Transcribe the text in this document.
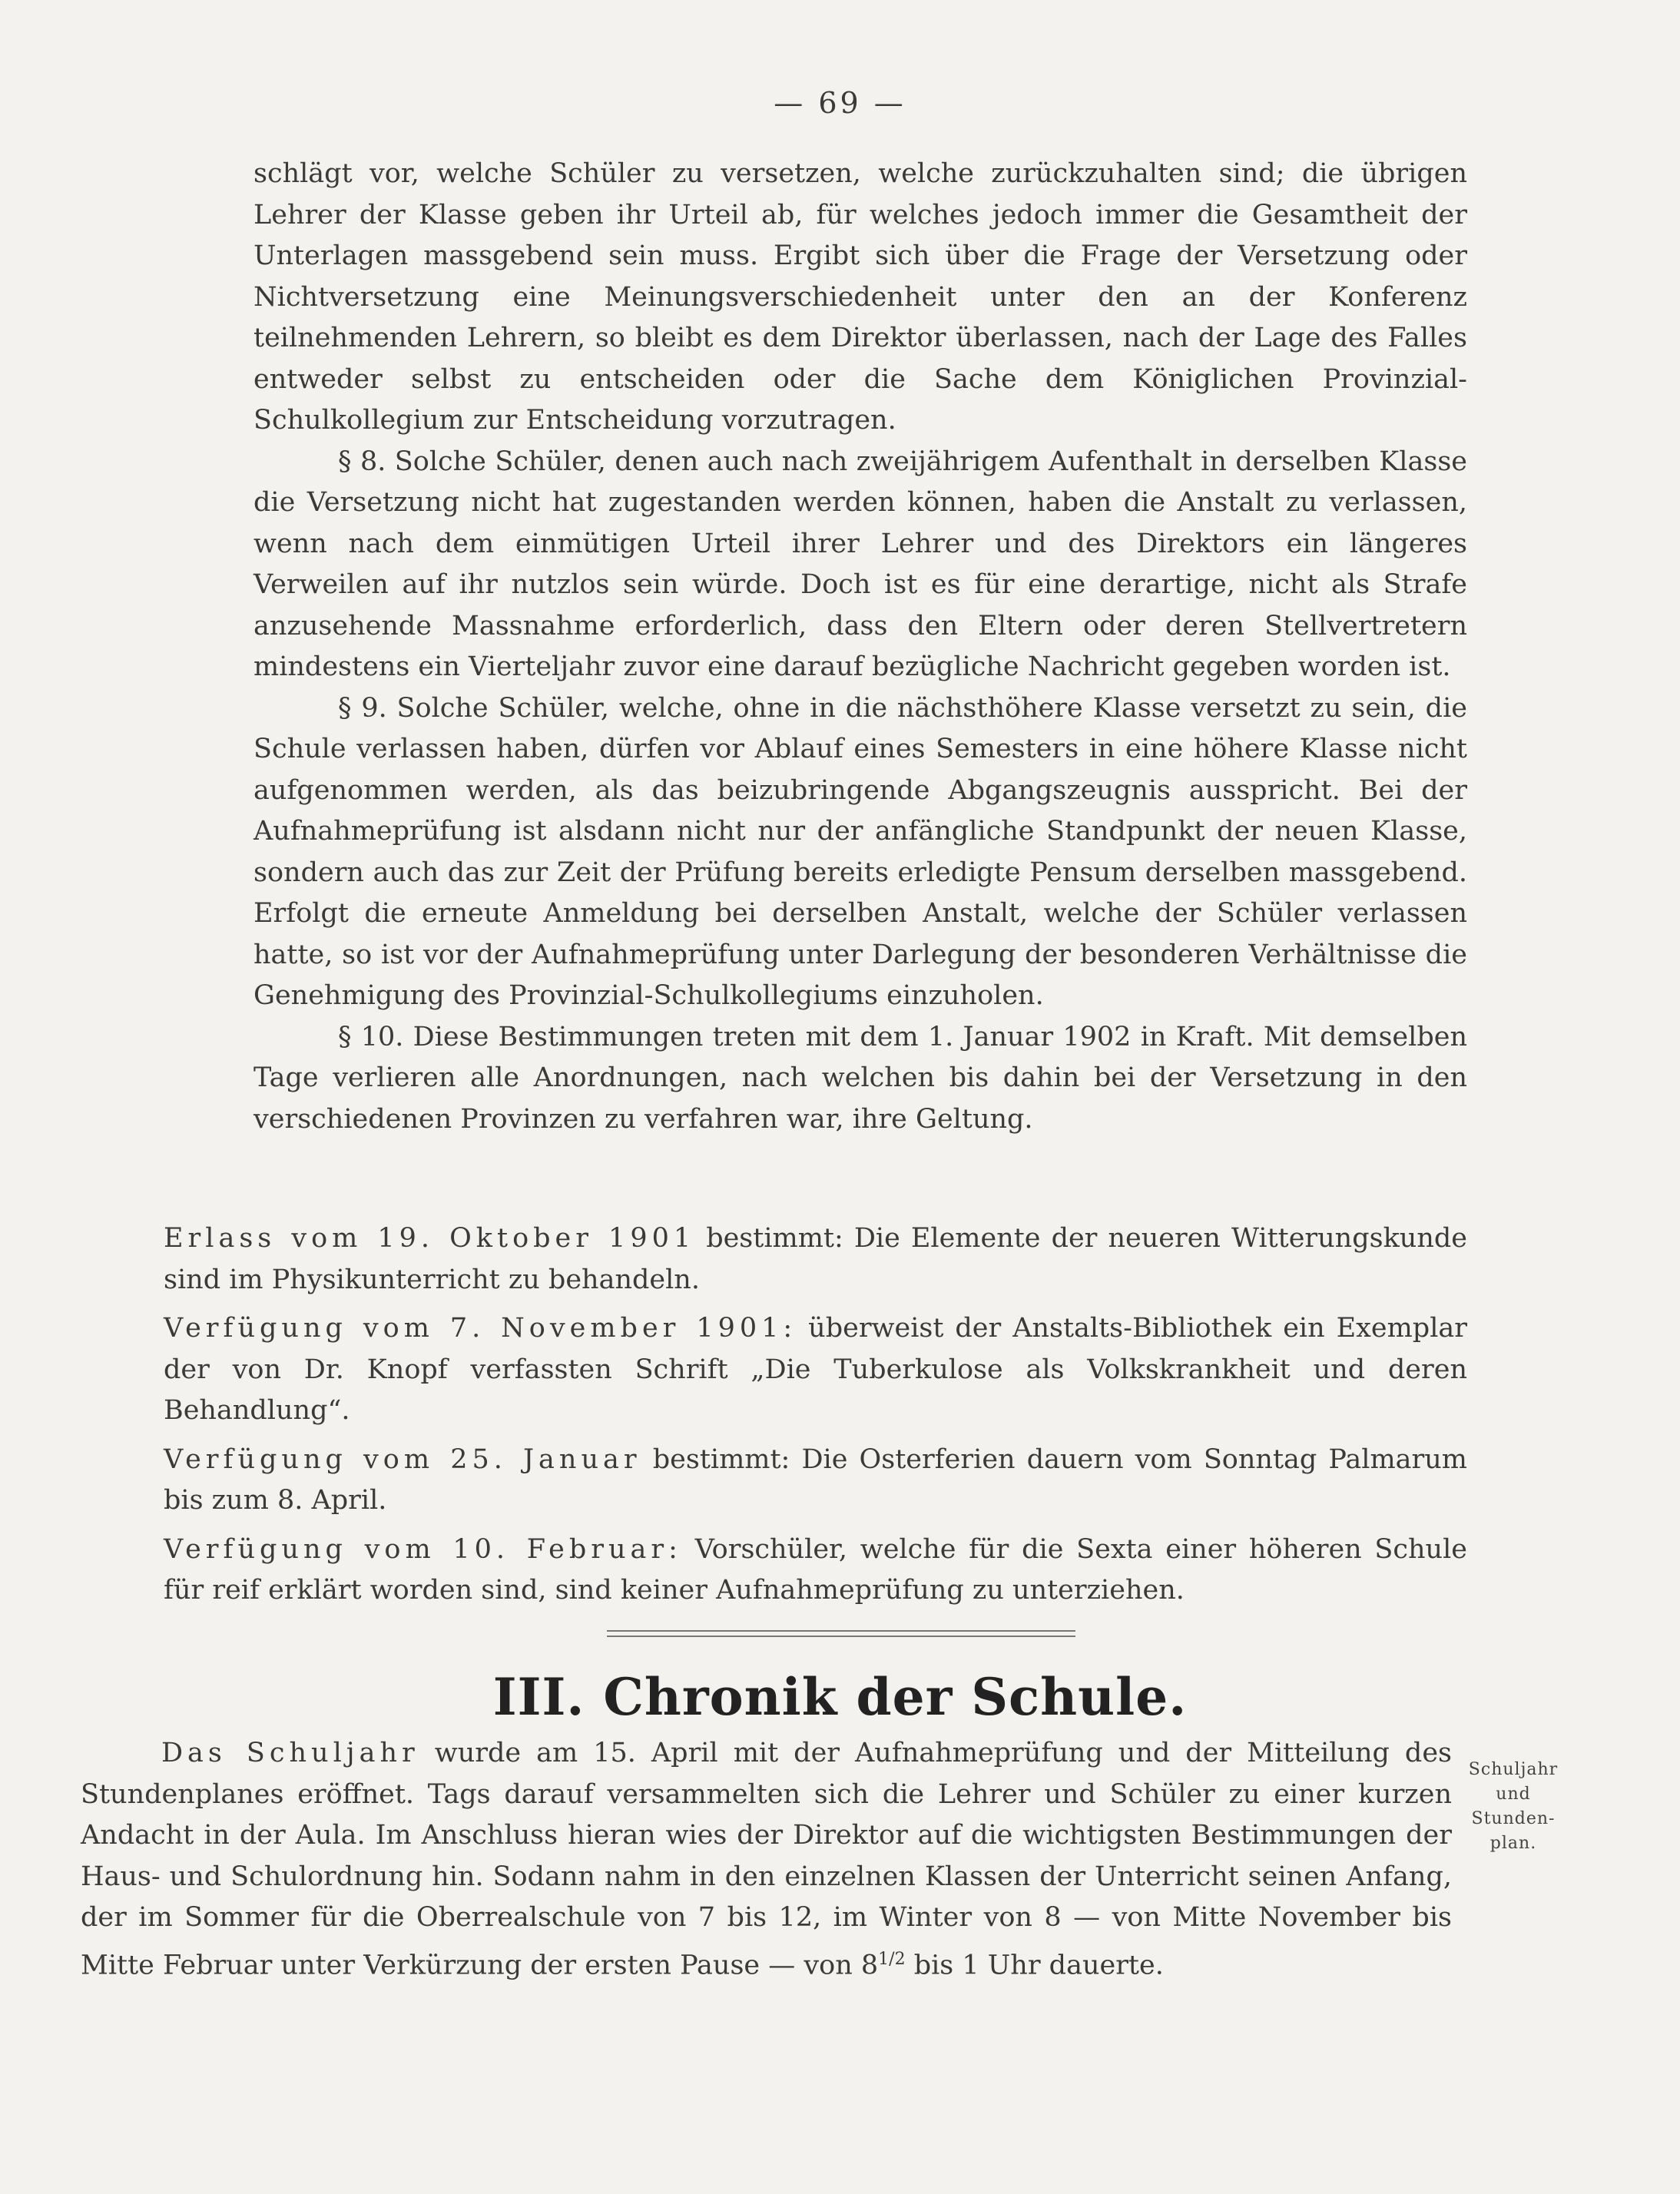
— 69 —

schlägt vor, welche Schüler zu versetzen, welche zurückzuhalten sind; die übrigen Lehrer der Klasse geben ihr Urteil ab, für welches jedoch immer die Gesamtheit der Unterlagen massgebend sein muss. Ergibt sich über die Frage der Versetzung oder Nichtversetzung eine Meinungsverschiedenheit unter den an der Konferenz teilnehmenden Lehrern, so bleibt es dem Direktor überlassen, nach der Lage des Falles entweder selbst zu entscheiden oder die Sache dem Königlichen Provinzial-Schulkollegium zur Entscheidung vorzutragen.

§ 8. Solche Schüler, denen auch nach zweijährigem Aufenthalt in derselben Klasse die Versetzung nicht hat zugestanden werden können, haben die Anstalt zu verlassen, wenn nach dem einmütigen Urteil ihrer Lehrer und des Direktors ein längeres Verweilen auf ihr nutzlos sein würde. Doch ist es für eine derartige, nicht als Strafe anzusehende Massnahme erforderlich, dass den Eltern oder deren Stellvertretern mindestens ein Vierteljahr zuvor eine darauf bezügliche Nachricht gegeben worden ist.

§ 9. Solche Schüler, welche, ohne in die nächsthöhere Klasse versetzt zu sein, die Schule verlassen haben, dürfen vor Ablauf eines Semesters in eine höhere Klasse nicht aufgenommen werden, als das beizubringende Abgangszeugnis ausspricht. Bei der Aufnahmeprüfung ist alsdann nicht nur der anfängliche Standpunkt der neuen Klasse, sondern auch das zur Zeit der Prüfung bereits erledigte Pensum derselben massgebend. Erfolgt die erneute Anmeldung bei derselben Anstalt, welche der Schüler verlassen hatte, so ist vor der Aufnahmeprüfung unter Darlegung der besonderen Verhältnisse die Genehmigung des Provinzial-Schulkollegiums einzuholen.

§ 10. Diese Bestimmungen treten mit dem 1. Januar 1902 in Kraft. Mit demselben Tage verlieren alle Anordnungen, nach welchen bis dahin bei der Versetzung in den verschiedenen Provinzen zu verfahren war, ihre Geltung.

Erlass vom 19. Oktober 1901 bestimmt: Die Elemente der neueren Witterungskunde sind im Physikunterricht zu behandeln.

Verfügung vom 7. November 1901: überweist der Anstalts-Bibliothek ein Exemplar der von Dr. Knopf verfassten Schrift „Die Tuberkulose als Volkskrankheit und deren Behandlung“.

Verfügung vom 25. Januar bestimmt: Die Osterferien dauern vom Sonntag Palmarum bis zum 8. April.

Verfügung vom 10. Februar: Vorschüler, welche für die Sexta einer höheren Schule für reif erklärt worden sind, sind keiner Aufnahmeprüfung zu unterziehen.

III. Chronik der Schule.

Das Schuljahr wurde am 15. April mit der Aufnahmeprüfung und der Mitteilung des Stundenplanes eröffnet. Tags darauf versammelten sich die Lehrer und Schüler zu einer kurzen Andacht in der Aula. Im Anschluss hieran wies der Direktor auf die wichtigsten Bestimmungen der Haus- und Schulordnung hin. Sodann nahm in den einzelnen Klassen der Unterricht seinen Anfang, der im Sommer für die Oberrealschule von 7 bis 12, im Winter von 8 — von Mitte November bis Mitte Februar unter Verkürzung der ersten Pause — von $8^{1/2}$ bis 1 Uhr dauerte.

Schuljahr
und
Stunden-
plan.
